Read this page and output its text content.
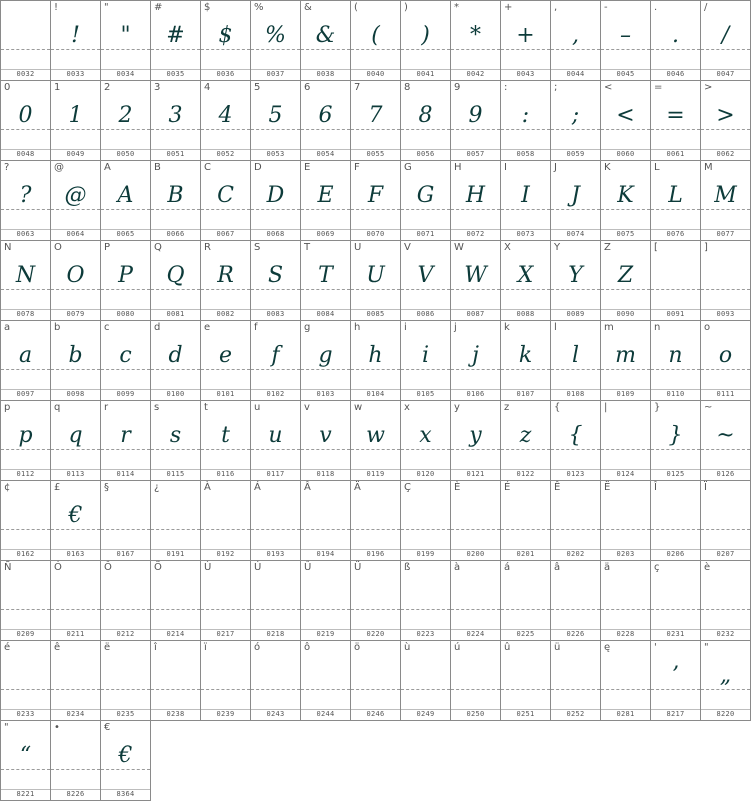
0032
!
!
0033
"
"
0034
#
#
0035
$
$
0036
%
%
0037
&
&
0038
(
(
0040
)
)
0041
*
*
0042
+
+
0043
,
,
0044
-
–
0045
.
.
0046
/
/
0047
0
0
0048
1
1
0049
2
2
0050
3
3
0051
4
4
0052
5
5
0053
6
6
0054
7
7
0055
8
8
0056
9
9
0057
:
:
0058
;
;
0059
<
<
0060
=
=
0061
>
>
0062
?
?
0063
@
@
0064
A
A
0065
B
B
0066
C
C
0067
D
D
0068
E
E
0069
F
F
0070
G
G
0071
H
H
0072
I
I
0073
J
J
0074
K
K
0075
L
L
0076
M
M
0077
N
N
0078
O
O
0079
P
P
0080
Q
Q
0081
R
R
0082
S
S
0083
T
T
0084
U
U
0085
V
V
0086
W
W
0087
X
X
0088
Y
Y
0089
Z
Z
0090
[
0091
]
0093
a
a
0097
b
b
0098
c
c
0099
d
d
0100
e
e
0101
f
f
0102
g
g
0103
h
h
0104
i
i
0105
j
j
0106
k
k
0107
l
l
0108
m
m
0109
n
n
0110
o
o
0111
p
p
0112
q
q
0113
r
r
0114
s
s
0115
t
t
0116
u
u
0117
v
v
0118
w
w
0119
x
x
0120
y
y
0121
z
z
0122
{
{
0123
|
0124
}
}
0125
~
~
0126
¢
0162
£
€
0163
§
0167
¿
0191
À
0192
Á
0193
Â
0194
Ä
0196
Ç
0199
È
0200
É
0201
Ê
0202
Ë
0203
Î
0206
Ï
0207
Ñ
0209
Ó
0211
Ô
0212
Ö
0214
Ù
0217
Ú
0218
Û
0219
Ü
0220
ß
0223
à
0224
á
0225
â
0226
ä
0228
ç
0231
è
0232
é
0233
ê
0234
ë
0235
î
0238
ï
0239
ó
0243
ô
0244
ö
0246
ù
0249
ú
0250
û
0251
ü
0252
ę
0281
'
’
8217
"
„
8220
"
“
8221
•
8226
€
€
8364
